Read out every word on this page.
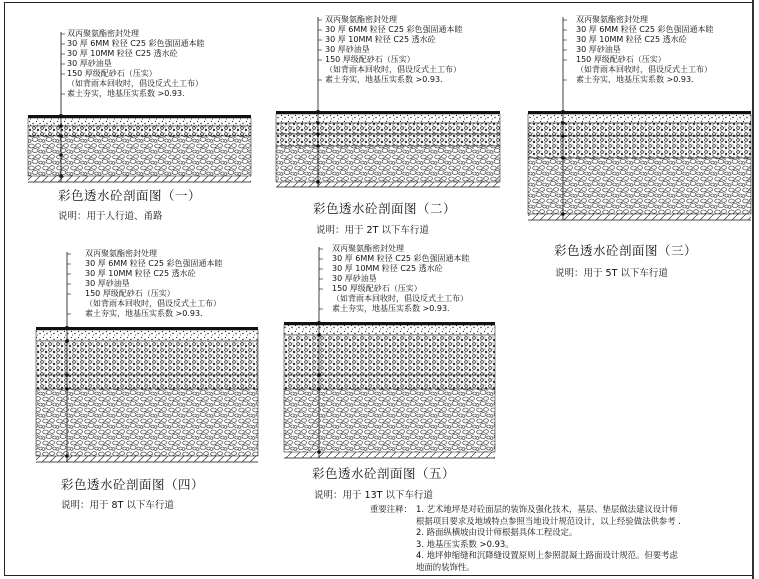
双丙聚氨酯密封处理
30 厚 6MM 粒径 C25 彩色强固通本睦
30 厚 10MM 粒径 C25 透水砼
30 厚砂油垦
150 厚级配砂石（压实）
（如背雨本回收时，倡设反式土工布）
素土夯实，地基压实系数 >0.93.
彩色透水砼剖面图（一）
说明：用于人行道、甬路
双丙聚氨酯密封处理
30 厚 6MM 粒径 C25 彩色强固通本睦
30 厚 10MM 粒径 C25 透水砼
30 厚砂油垦
150 厚级配砂石（压实）
（如背雨本回收时，倡设反式土工布）
素土夯实，地基压实系数 >0.93.
彩色透水砼剖面图（二）
说明：用于 2T 以下车行道
双丙聚氨酯密封处理
30 厚 6MM 粒径 C25 彩色强固通本睦
30 厚 10MM 粒径 C25 透水砼
30 厚砂油垦
150 厚级配砂石（压实）
（如背雨本回收时，倡设反式土工布）
素土夯实，地基压实系数 >0.93.
彩色透水砼剖面图（三）
说明：用于 5T 以下车行道
双丙聚氨酯密封处理
30 厚 6MM 粒径 C25 彩色强固通本睦
30 厚 10MM 粒径 C25 透水砼
30 厚砂油垦
150 厚级配砂石（压实）
（如背雨本回收时，倡设反式土工布）
素土夯实，地基压实系数 >0.93.
彩色透水砼剖面图（四）
说明：用于 8T 以下车行道
双丙聚氨酯密封处理
30 厚 6MM 粒径 C25 彩色强固通本睦
30 厚 10MM 粒径 C25 透水砼
30 厚砂油垦
150 厚级配砂石（压实）
（如背雨本回收时，倡设反式土工布）
素土夯实，地基压实系数 >0.93.
彩色透水砼剖面图（五）
说明：用于 13T 以下车行道
重要注释： 1. 艺术地坪是对砼面层的装饰及强化技术，基层、垫层做法建议设计师
根据项目要求及地域特点参照当地设计规范设计，以上经验做法供参考 .
2. 路面纵横坡由设计师根据具体工程设定。
3. 地基压实系数 >0.93。
4. 地坪伸缩缝和沉降缝设置原则上参照混凝土路面设计规范。但要考虑
地面的装饰性。
